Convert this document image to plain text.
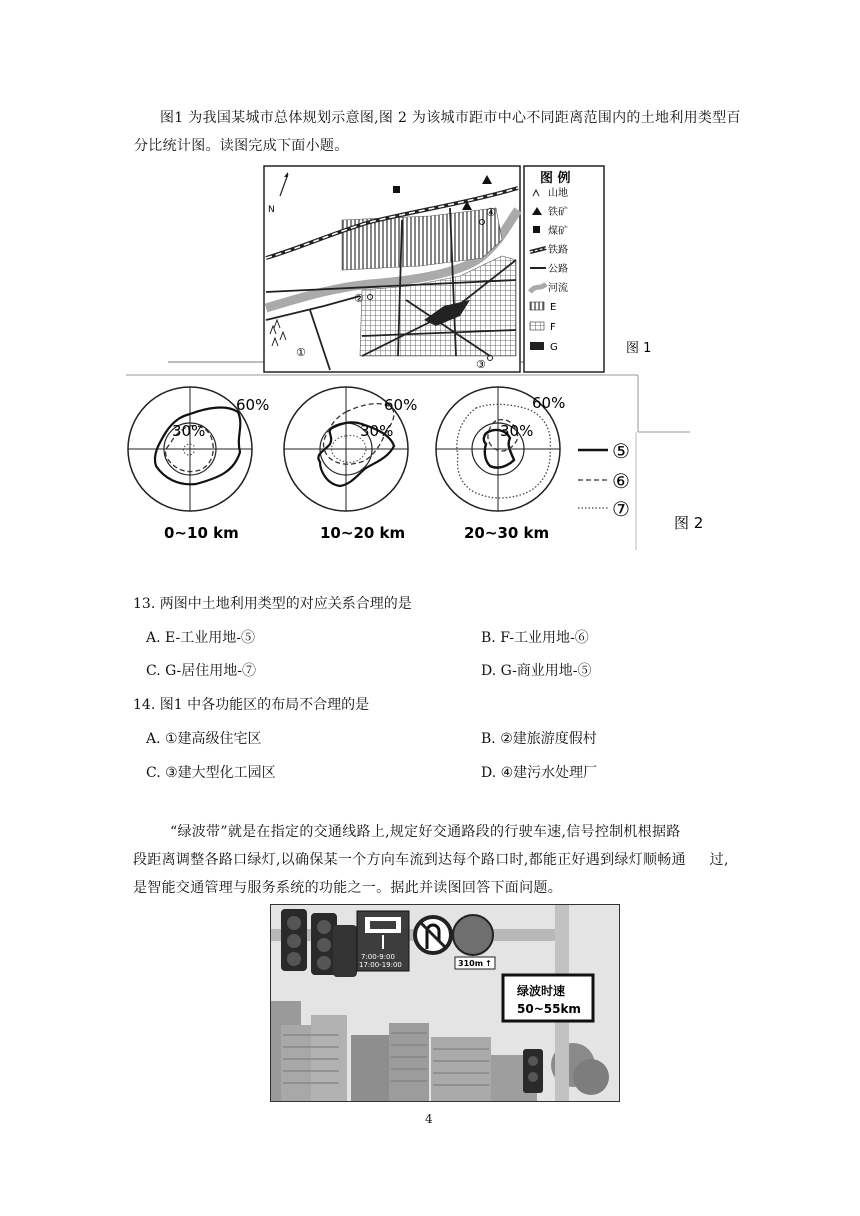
图1 为我国某城市总体规划示意图,图 2 为该城市距市中心不同距离范围内的土地利用类型百
分比统计图。读图完成下面小题。
N
①
②
③
④
图 例
山地
铁矿
煤矿
铁路
公路
河流
E
F
G	图 1
60%
30%
0~10 km
60%
30%
10~20 km
60%
30%
20~30 km
⑤
⑥
⑦
图 2
13. 两图中土地利用类型的对应关系合理的是
A. E-工业用地-⑤	B. F-工业用地-⑥
C. G-居住用地-⑦	D. G-商业用地-⑤
14. 图1 中各功能区的布局不合理的是
A. ①建高级住宅区	B. ②建旅游度假村
C. ③建大型化工园区	D. ④建污水处理厂
“绿波带”就是在指定的交通线路上,规定好交通路段的行驶车速,信号控制机根据路
段距离调整各路口绿灯,以确保某一个方向车流到达每个路口时,都能正好遇到绿灯顺畅通     过,
是智能交通管理与服务系统的功能之一。据此并读图回答下面问题。
7:00-9:00
17:00-19:00	310m ↑
绿波时速
50~55km
4
